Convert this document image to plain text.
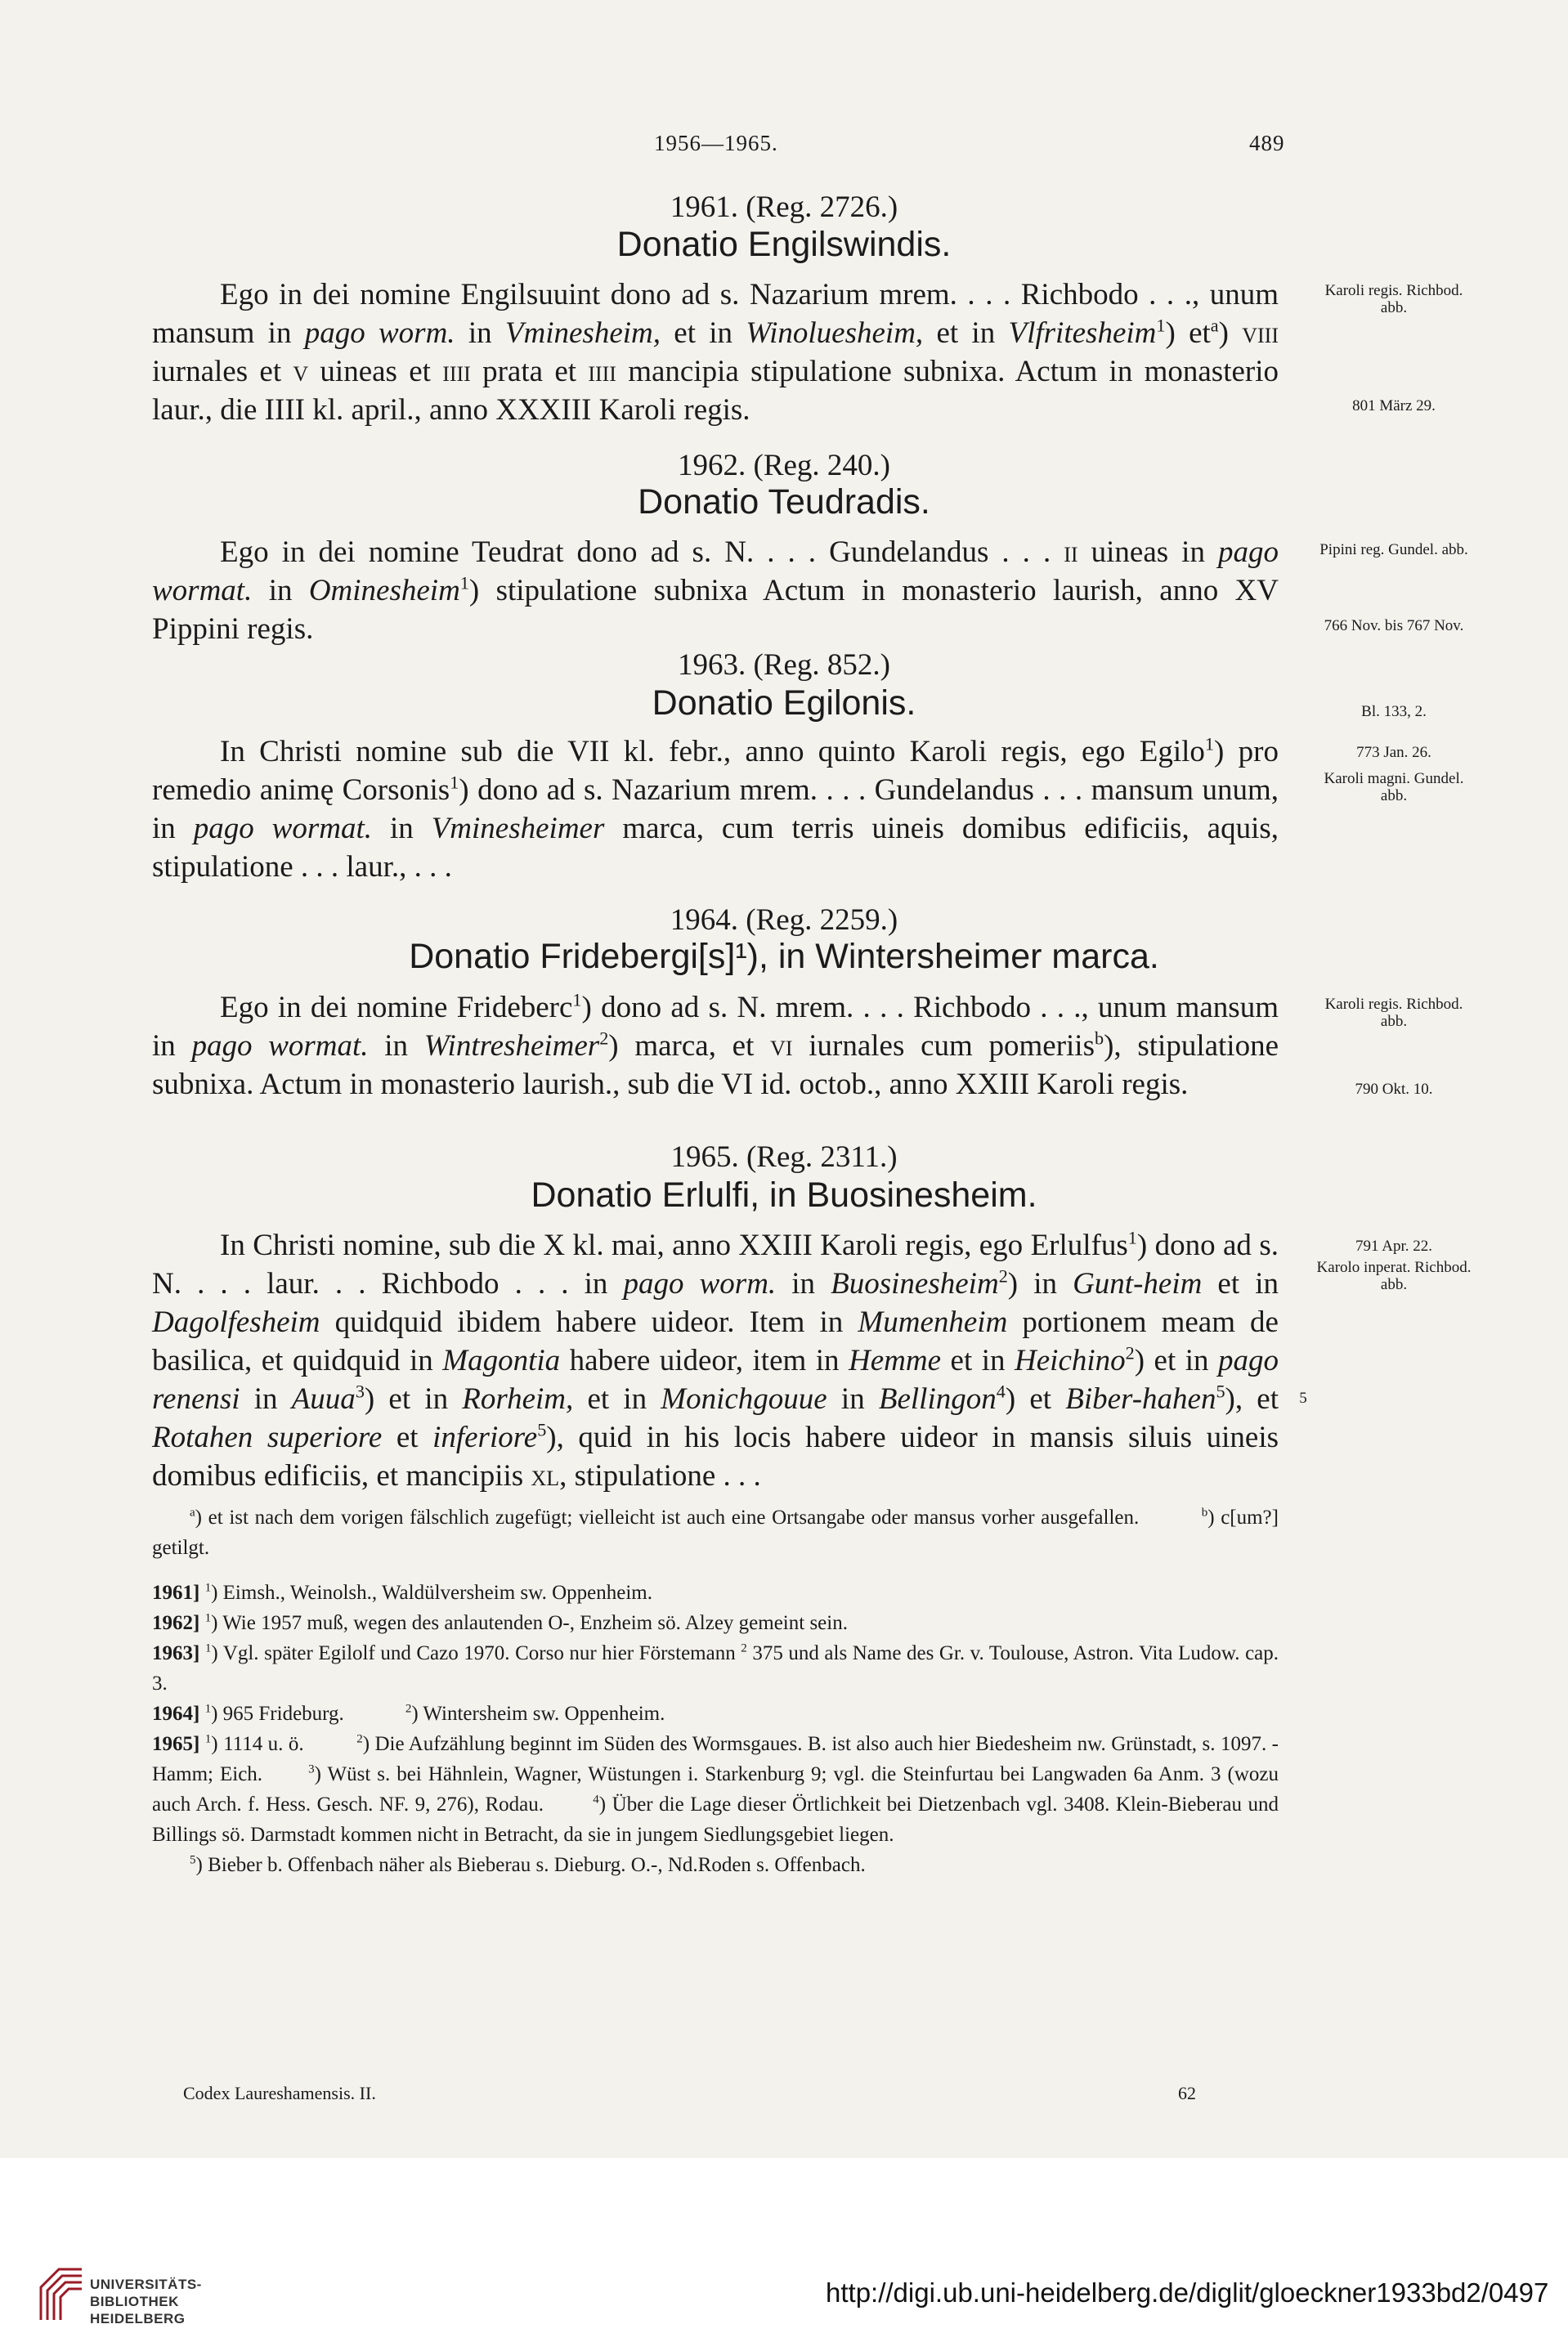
1956—1965.	489
1961. (Reg. 2726.)
Donatio Engilswindis.

Ego in dei nomine Engilsuuint dono ad s. Nazarium mrem. . . . Richbodo . . ., unum mansum in pago worm. in Vminesheim, et in Winoluesheim, et in Vlfritesheim$^1$) $et^a$) viii iurnales et v uineas et iiii prata et iiii mancipia stipulatione subnixa. Actum in monasterio laur., die IIII kl. april., anno XXXIII Karoli regis.

Karoli regis. Richbod. abb.
801 März 29.
1962. (Reg. 240.)
Donatio Teudradis.

Ego in dei nomine Teudrat dono ad s. N. . . . Gundelandus . . . ii uineas in pago wormat. in Ominesheim$^1$) stipulatione subnixa Actum in monasterio laurish, anno XV Pippini regis.

Pipini reg. Gundel. abb.
766 Nov. bis 767 Nov.
1963. (Reg. 852.)
Donatio Egilonis.

In Christi nomine sub die VII kl. febr., anno quinto Karoli regis, ego Egilo$^1$) pro remedio animę Corsonis$^1$) dono ad s. Nazarium mrem. . . . Gundelandus . . . mansum unum, in pago wormat. in Vminesheimer marca, cum terris uineis domibus edificiis, aquis, stipulatione . . . laur., . . .

Bl. 133, 2.
773 Jan. 26.
Karoli magni. Gundel. abb.
1964. (Reg. 2259.)
Donatio Fridebergi[s]¹), in Wintersheimer marca.

Ego in dei nomine Frideberc$^1$) dono ad s. N. mrem. . . . Richbodo . . ., unum mansum in pago wormat. in Wintresheimer$^2$) marca, et vi iurnales cum pomeriis$^b$), stipulatione subnixa. Actum in monasterio laurish., sub die VI id. octob., anno XXIII Karoli regis.

Karoli regis. Richbod. abb.
790 Okt. 10.
1965. (Reg. 2311.)
Donatio Erlulfi, in Buosinesheim.

In Christi nomine, sub die X kl. mai, anno XXIII Karoli regis, ego Erlulfus$^1$) dono ad s. N. . . . laur. . . Richbodo . . . in pago worm. in Buosinesheim$^2$) in Gunt-heim et in Dagolfesheim quidquid ibidem habere uideor. Item in Mumenheim portionem meam de basilica, et quidquid in Magontia habere uideor, item in Hemme et in Heichino$^2$) et in pago renensi in Auua$^3$) et in Rorheim, et in Monichgouue in Bellingon$^4$) et Biber-hahen$^5$), et Rotahen superiore et inferiore$^5$), quid in his locis habere uideor in mansis siluis uineis domibus edificiis, et mancipiis xl, stipulatione . . .

791 Apr. 22.
Karolo inperat. Richbod. abb.
5

$^a$) et ist nach dem vorigen fälschlich zugefügt; vielleicht ist auch eine Ortsangabe oder mansus vorher ausgefallen.          $^b$) c[um?] getilgt.

1961] $^1$) Eimsh., Weinolsh., Waldülversheim sw. Oppenheim.

1962] $^1$) Wie 1957 muß, wegen des anlautenden O-, Enzheim sö. Alzey gemeint sein.

1963] $^1$) Vgl. später Egilolf und Cazo 1970. Corso nur hier Förstemann $^2$ 375 und als Name des Gr. v. Toulouse, Astron. Vita Ludow. cap. 3.

1964] $^1$) 965 Frideburg.            $^2$) Wintersheim sw. Oppenheim.

1965] $^1$) 1114 u. ö.          $^2$) Die Aufzählung beginnt im Süden des Wormsgaues. B. ist also auch hier Biedesheim nw. Grünstadt, s. 1097. -Hamm; Eich.       $^3$) Wüst s. bei Hähnlein, Wagner, Wüstungen i. Starkenburg 9; vgl. die Steinfurtau bei Langwaden 6a Anm. 3 (wozu auch Arch. f. Hess. Gesch. NF. 9, 276), Rodau.        $^4$) Über die Lage dieser Örtlichkeit bei Dietzenbach vgl. 3408. Klein-Bieberau und Billings sö. Darmstadt kommen nicht in Betracht, da sie in jungem Siedlungsgebiet liegen.

$^5$) Bieber b. Offenbach näher als Bieberau s. Dieburg. O.-, Nd.Roden s. Offenbach.

Codex Laureshamensis. II.	62
UNIVERSITÄTS-
BIBLIOTHEK
HEIDELBERG
http://digi.ub.uni-heidelberg.de/diglit/gloeckner1933bd2/0497
